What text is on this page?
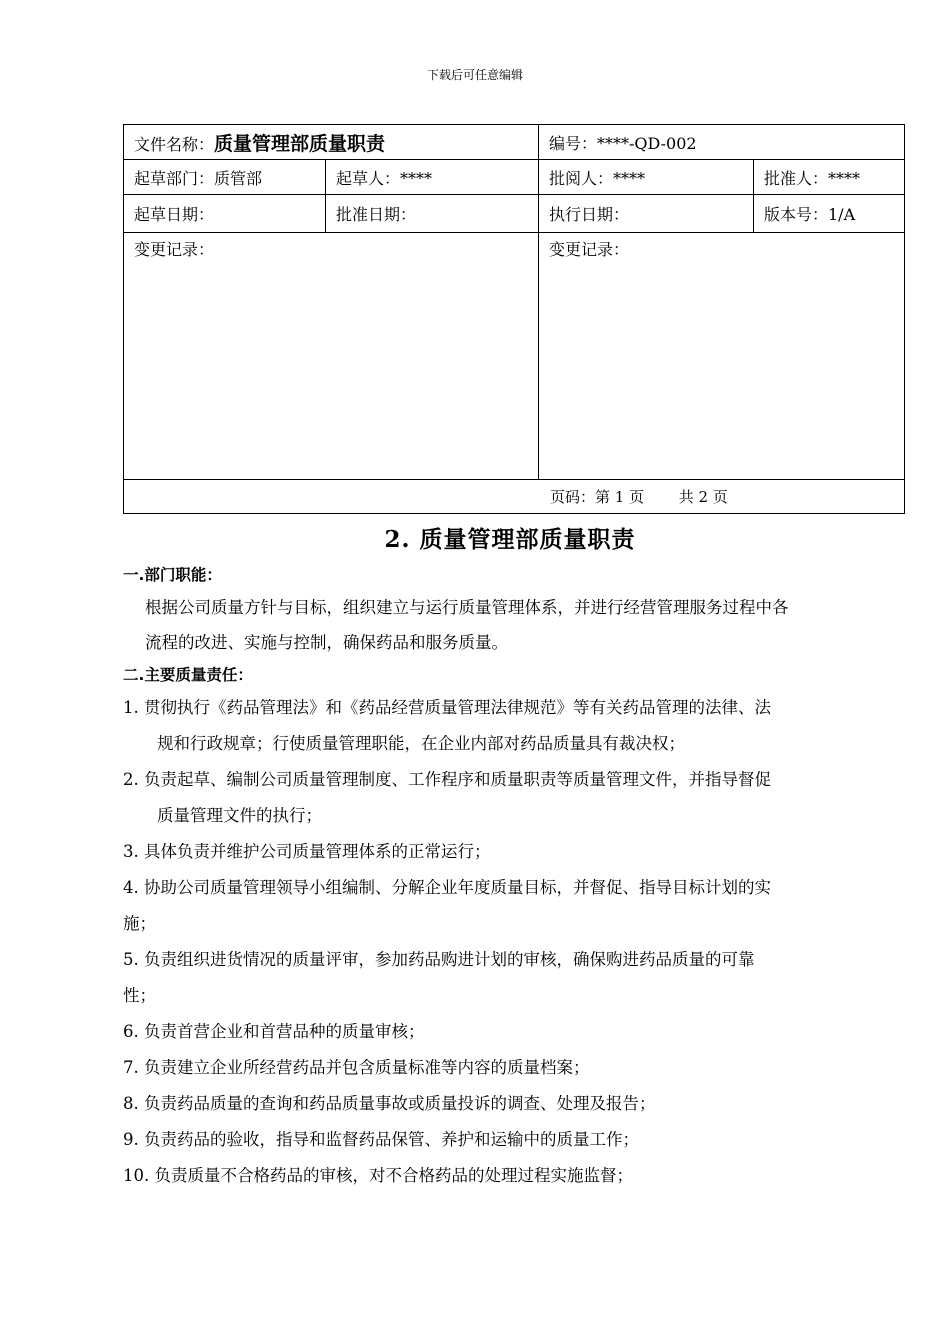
下载后可任意编辑
文件名称：质量管理部质量职责		编号：****-QD-002	
起草部门：质管部	起草人：****	批阅人：****	批准人：****
起草日期：	批准日期：	执行日期：	版本号：1/A
变更记录：		变更记录：	
页码：第 1 页 共 2 页			
2. 质量管理部质量职责
一.部门职能：
根据公司质量方针与目标，组织建立与运行质量管理体系，并进行经营管理服务过程中各
流程的改进、实施与控制，确保药品和服务质量。
二.主要质量责任：
1. 贯彻执行《药品管理法》和《药品经营质量管理法律规范》等有关药品管理的法律、法
规和行政规章；行使质量管理职能，在企业内部对药品质量具有裁决权；
2. 负责起草、编制公司质量管理制度、工作程序和质量职责等质量管理文件，并指导督促
质量管理文件的执行；
3. 具体负责并维护公司质量管理体系的正常运行；
4. 协助公司质量管理领导小组编制、分解企业年度质量目标，并督促、指导目标计划的实
施；
5. 负责组织进货情况的质量评审，参加药品购进计划的审核，确保购进药品质量的可靠
性；
6. 负责首营企业和首营品种的质量审核；
7. 负责建立企业所经营药品并包含质量标准等内容的质量档案；
8. 负责药品质量的查询和药品质量事故或质量投诉的调查、处理及报告；
9. 负责药品的验收，指导和监督药品保管、养护和运输中的质量工作；
10. 负责质量不合格药品的审核，对不合格药品的处理过程实施监督；
